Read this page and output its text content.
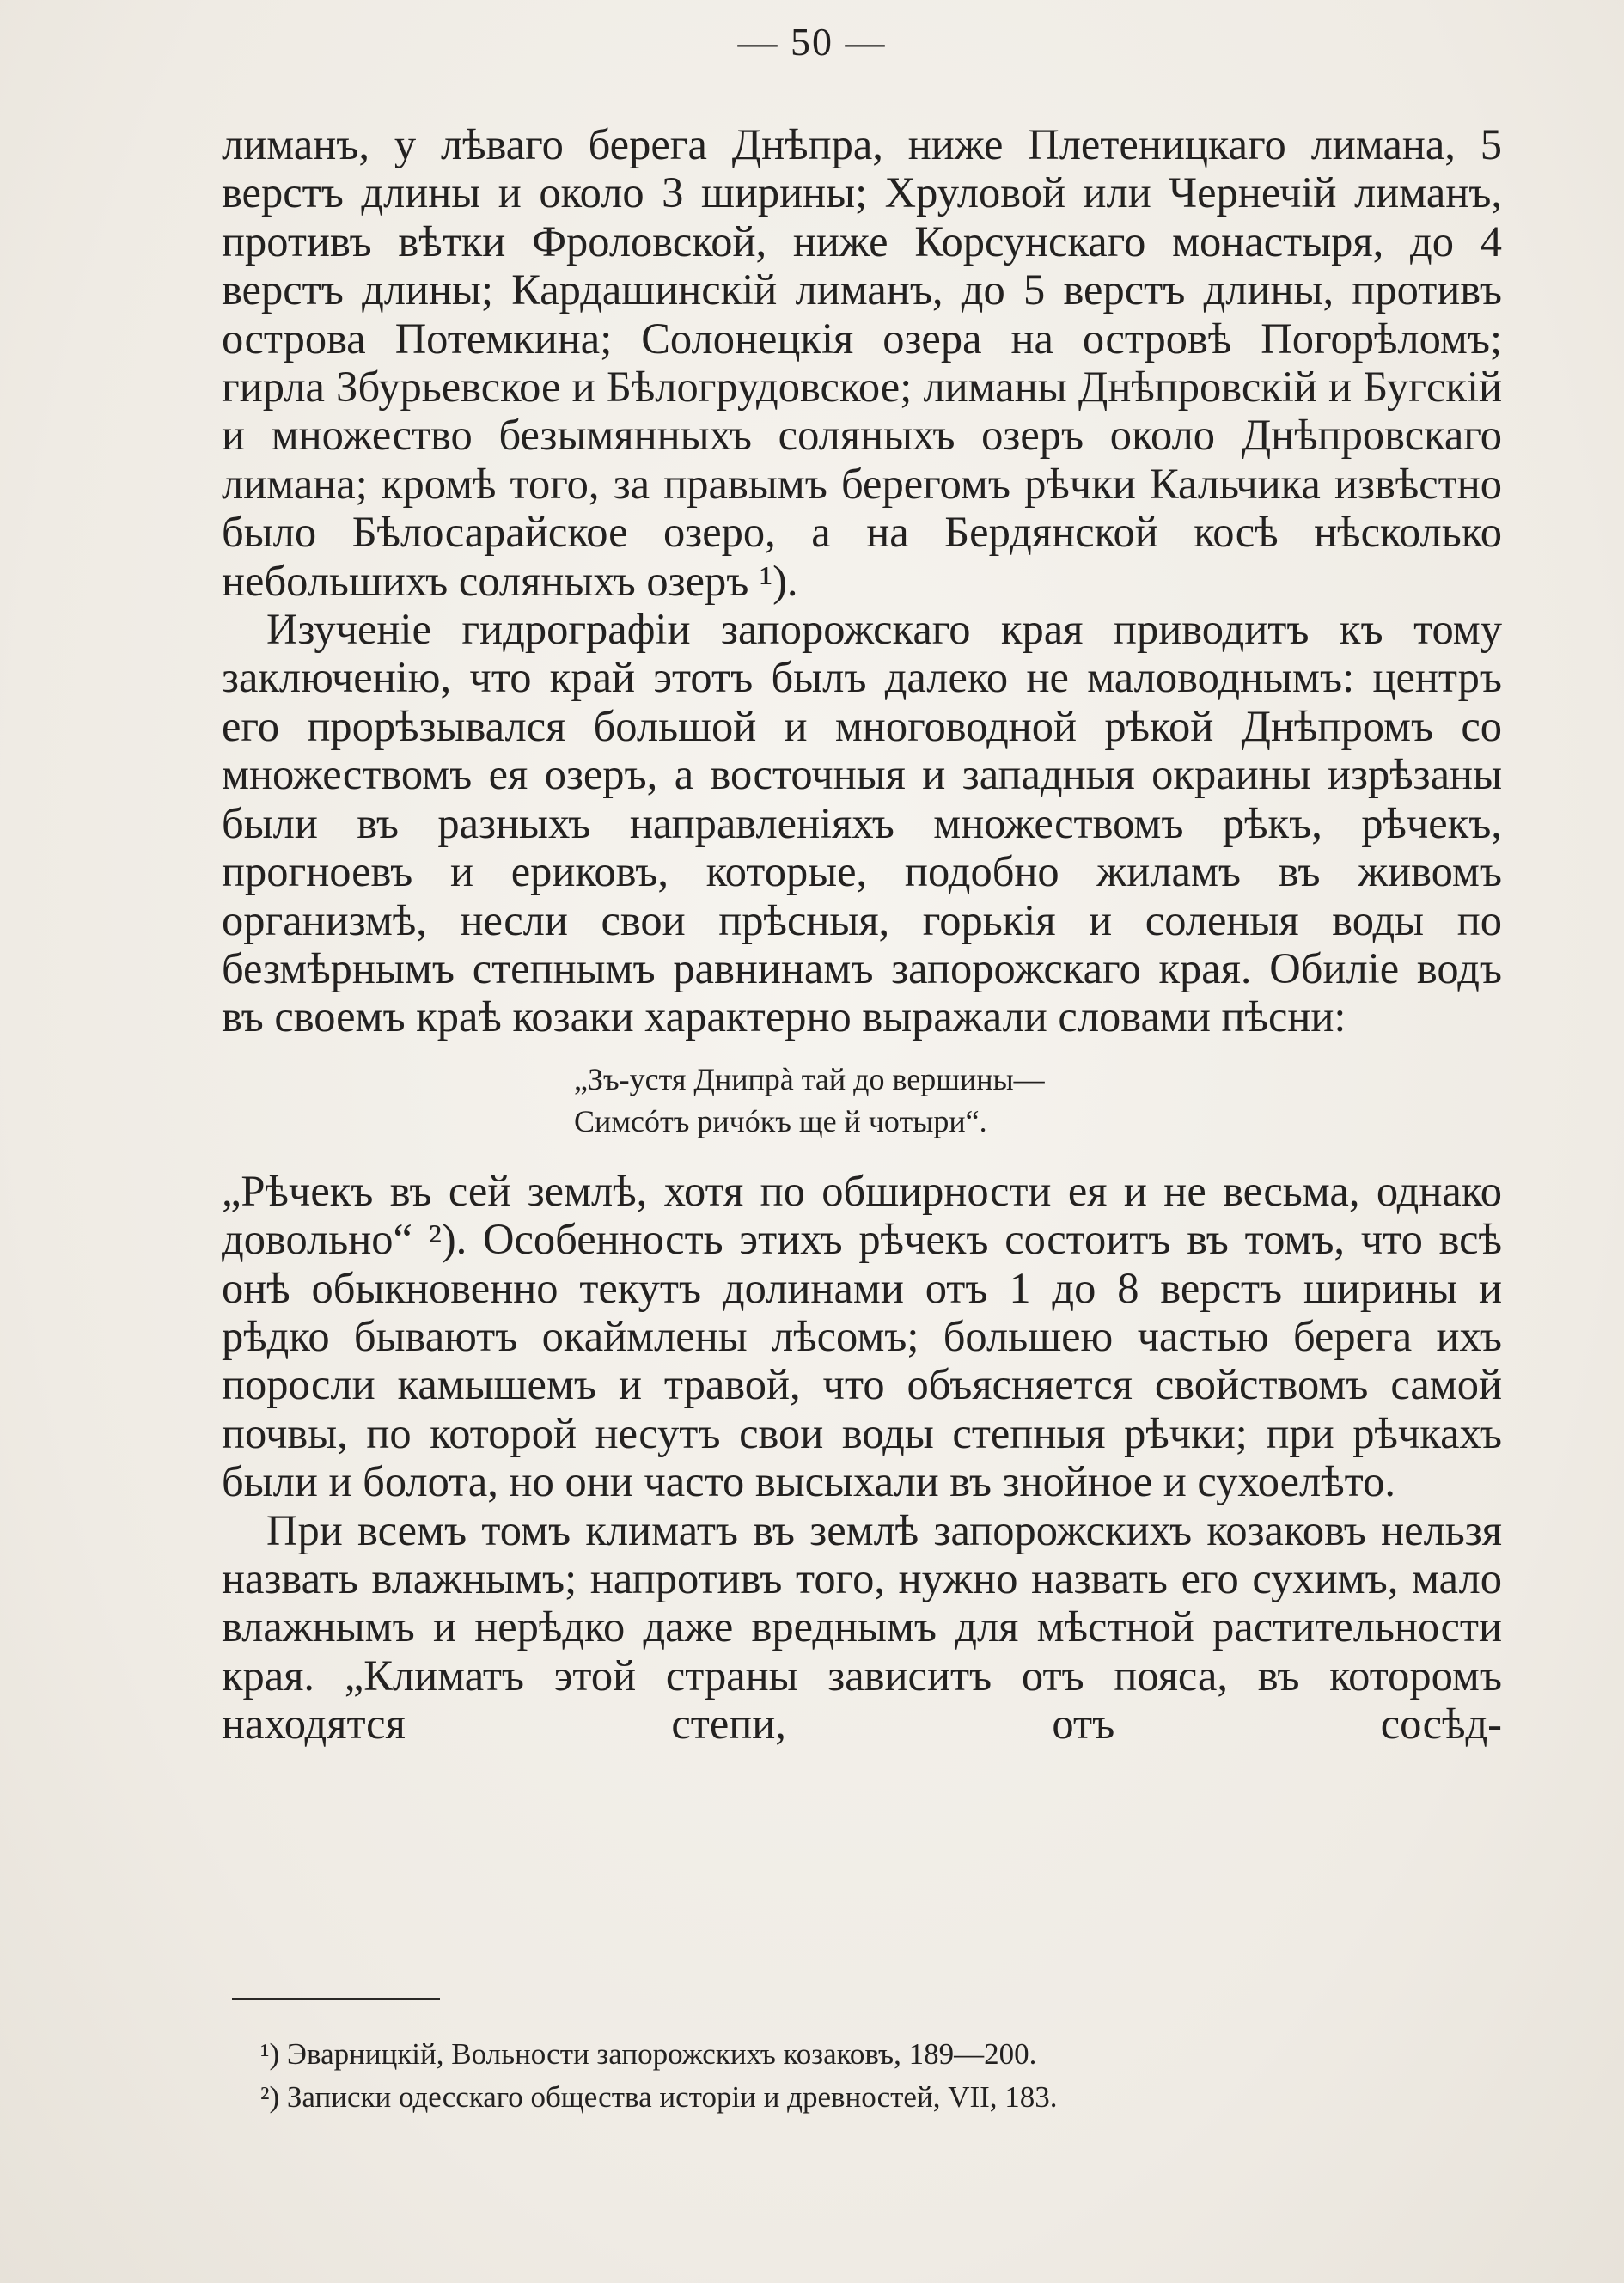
— 50 —

лиманъ, у лѣваго берега Днѣпра, ниже Плетеницкаго лимана, 5 верстъ длины и около 3 ширины; Хруловой или Чернечій лиманъ, противъ вѣтки Фроловской, ниже Корсунскаго монастыря, до 4 верстъ длины; Кардашинскій лиманъ, до 5 верстъ длины, противъ острова Потемкина; Солонецкія озера на островѣ Погорѣломъ; гирла Збурьевское и Бѣлогрудовское; лиманы Днѣпровскій и Бугскій и множество безымянныхъ соляныхъ озеръ около Днѣпровскаго лимана; кромѣ того, за правымъ берегомъ рѣчки Кальчика извѣстно было Бѣлосарайское озеро, а на Бердянской косѣ нѣсколько небольшихъ соляныхъ озеръ ¹).

Изученіе гидрографіи запорожскаго края приводитъ къ тому заключенію, что край этотъ былъ далеко не маловоднымъ: центръ его прорѣзывался большой и многоводной рѣкой Днѣпромъ со множествомъ ея озеръ, а восточныя и западныя окраины изрѣзаны были въ разныхъ направленіяхъ множествомъ рѣкъ, рѣчекъ, прогноевъ и ериковъ, которые, подобно жиламъ въ живомъ организмѣ, несли свои прѣсныя, горькія и соленыя воды по безмѣрнымъ степнымъ равнинамъ запорожскаго края. Обиліе водъ въ своемъ краѣ козаки характерно выражали словами пѣсни:

„Зъ-устя Днипрà тай до вершины—
Симсóтъ ричóкъ ще й чотыри“.

„Рѣчекъ въ сей землѣ, хотя по обширности ея и не весьма, однако довольно“ ²). Особенность этихъ рѣчекъ состоитъ въ томъ, что всѣ онѣ обыкновенно текутъ долинами отъ 1 до 8 верстъ ширины и рѣдко бываютъ окаймлены лѣсомъ; большею частью берега ихъ поросли камышемъ и травой, что объясняется свойствомъ самой почвы, по которой несутъ свои воды степныя рѣчки; при рѣчкахъ были и болота, но они часто высыхали въ знойное и сухоелѣто.

При всемъ томъ климатъ въ землѣ запорожскихъ козаковъ нельзя назвать влажнымъ; напротивъ того, нужно назвать его сухимъ, мало влажнымъ и нерѣдко даже вреднымъ для мѣстной растительности края. „Климатъ этой страны зависитъ отъ пояса, въ которомъ находятся степи, отъ сосѣд-

¹) Эварницкій, Вольности запорожскихъ козаковъ, 189—200.
²) Записки одесскаго общества исторіи и древностей, VII, 183.
